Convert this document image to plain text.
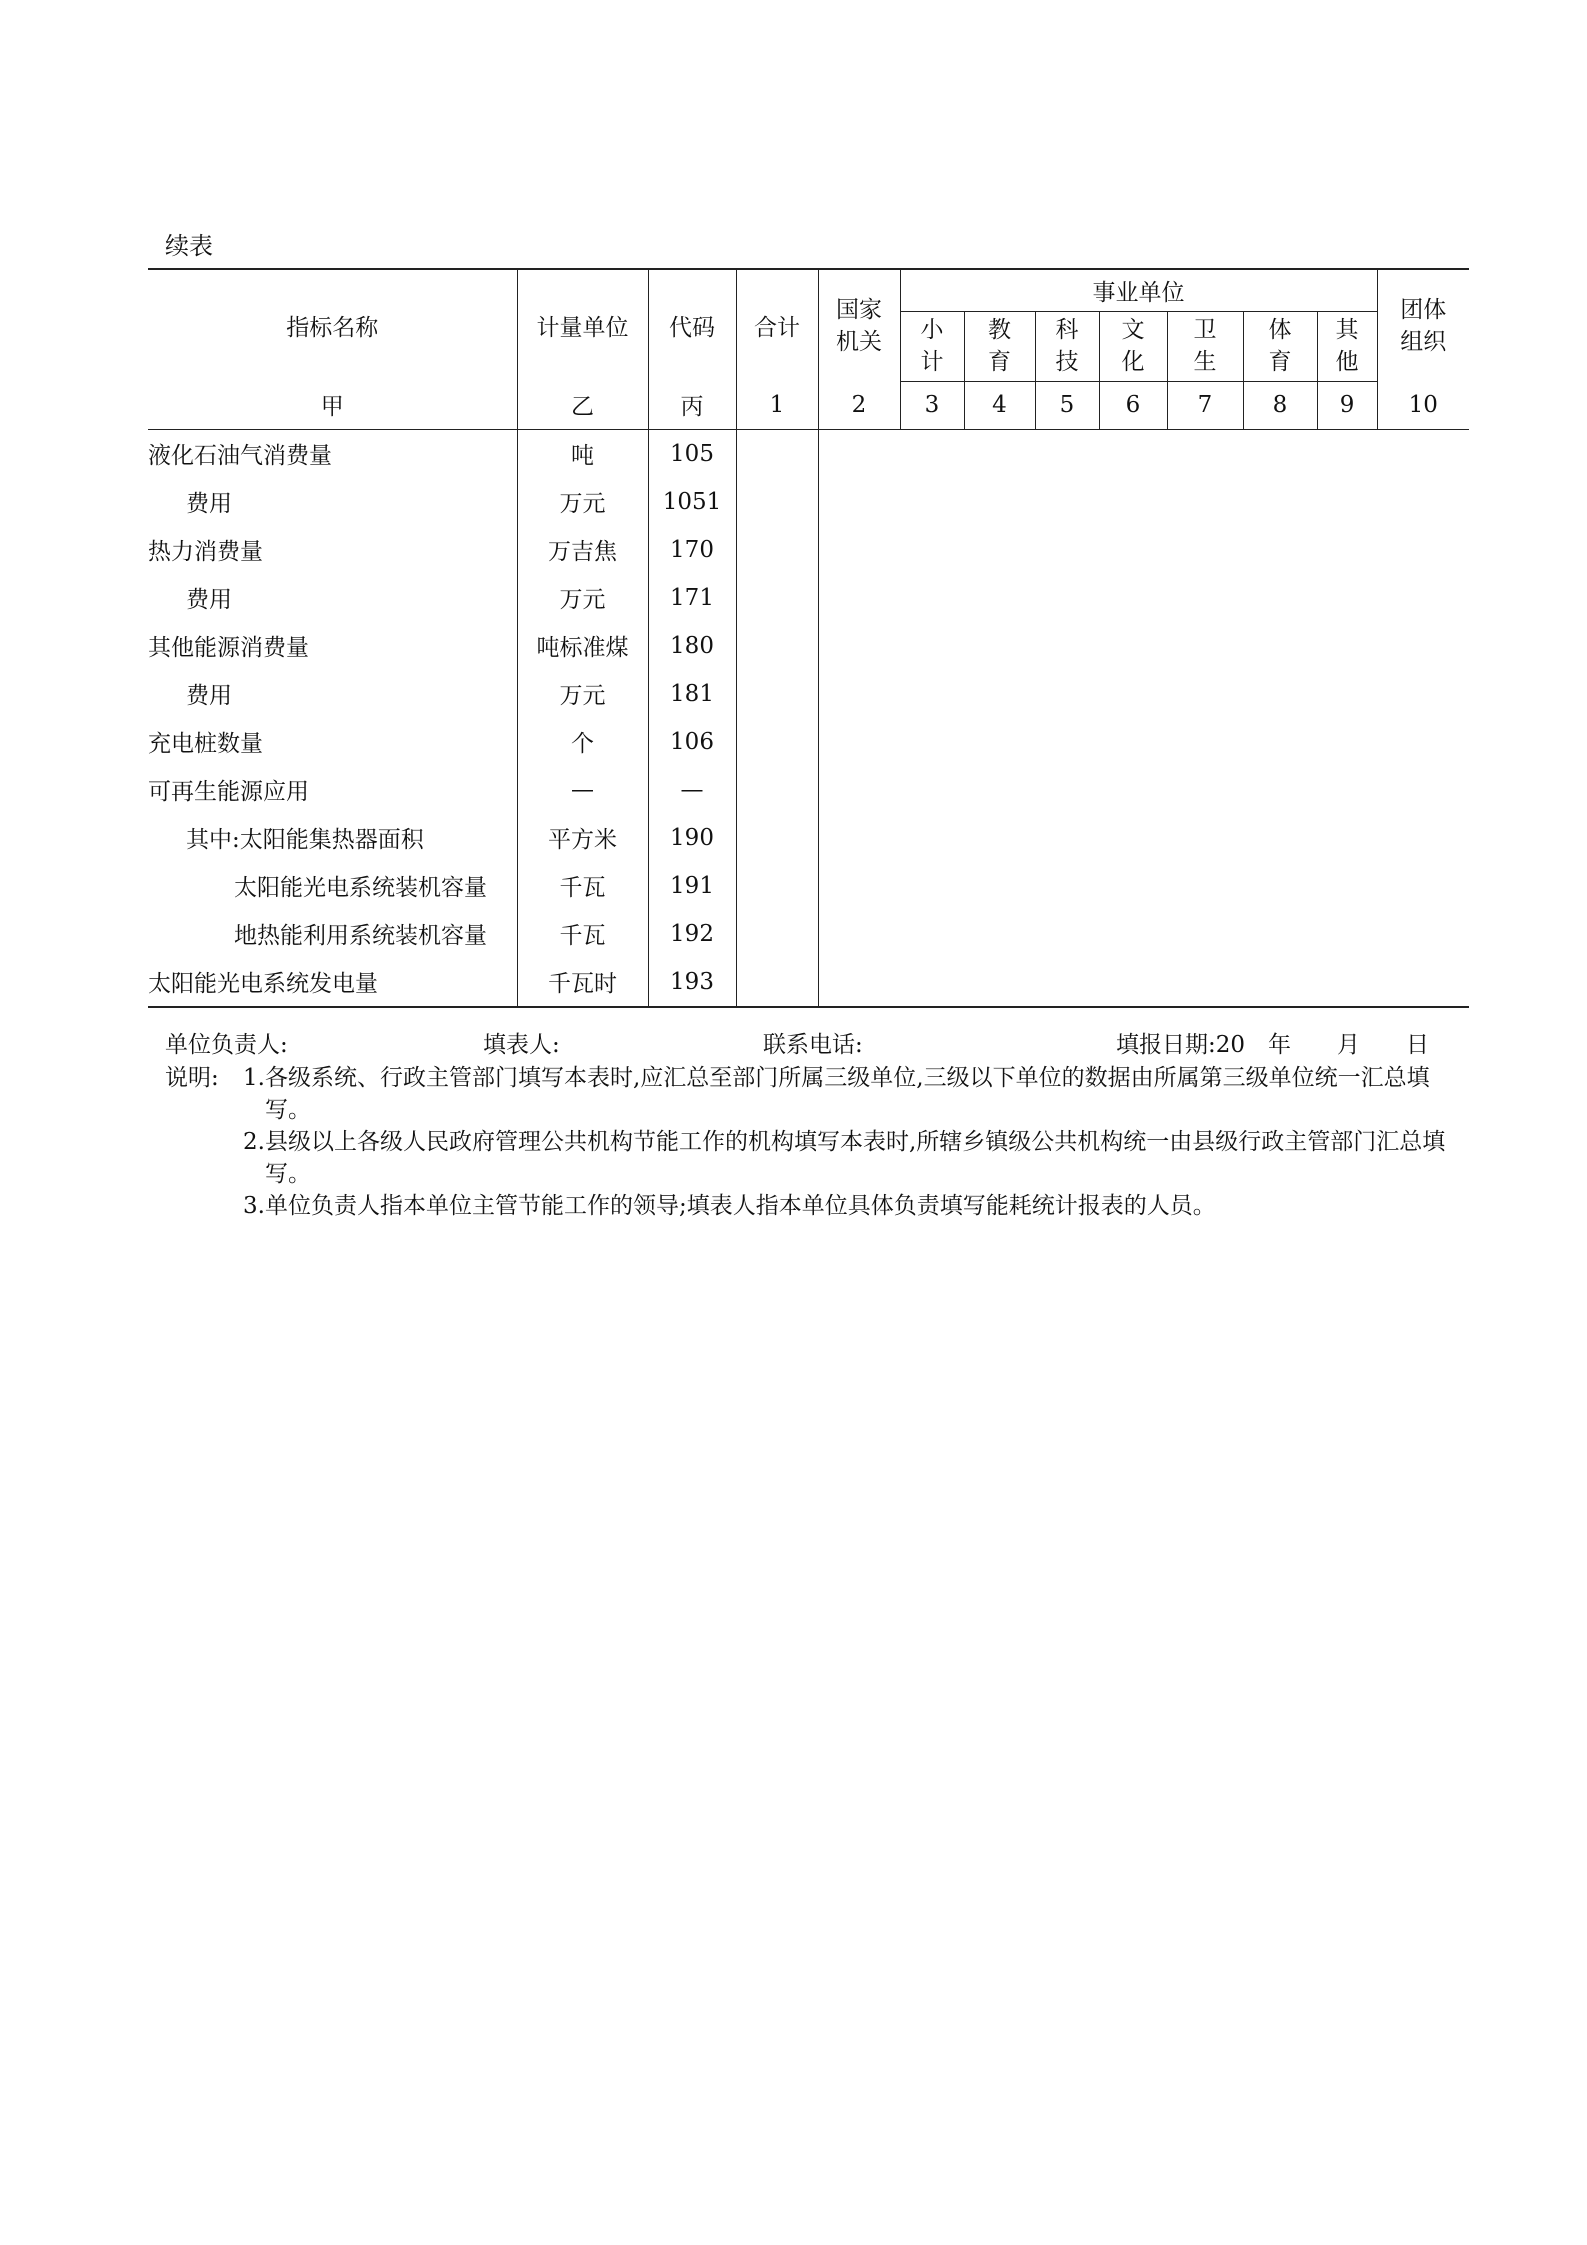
续表
指标名称	计量单位	代码	合计	国家机关	事业单位							团体组织

					小计	教育	科技	文化	卫生	体育	其他	

甲	乙	丙	1	2	3	4	5	6	7	8	9	10
液化石油气消费量	吨	105										
费用	万元	1051										
热力消费量	万吉焦	170										
费用	万元	171										
其他能源消费量	吨标准煤	180										
费用	万元	181										
充电桩数量	个	106										
可再生能源应用	—	—										
其中:太阳能集热器面积	平方米	190										
太阳能光电系统装机容量	千瓦	191										
地热能利用系统装机容量	千瓦	192										
太阳能光电系统发电量	千瓦时	193										
单位负责人:	填表人:	联系电话:	填报日期:20　年　　月　　日
说明:	1.各级系统、行政主管部门填写本表时,应汇总至部门所属三级单位,三级以下单位的数据由所属第三级单位统一汇总填写。
2.县级以上各级人民政府管理公共机构节能工作的机构填写本表时,所辖乡镇级公共机构统一由县级行政主管部门汇总填写。
3.单位负责人指本单位主管节能工作的领导;填表人指本单位具体负责填写能耗统计报表的人员。
